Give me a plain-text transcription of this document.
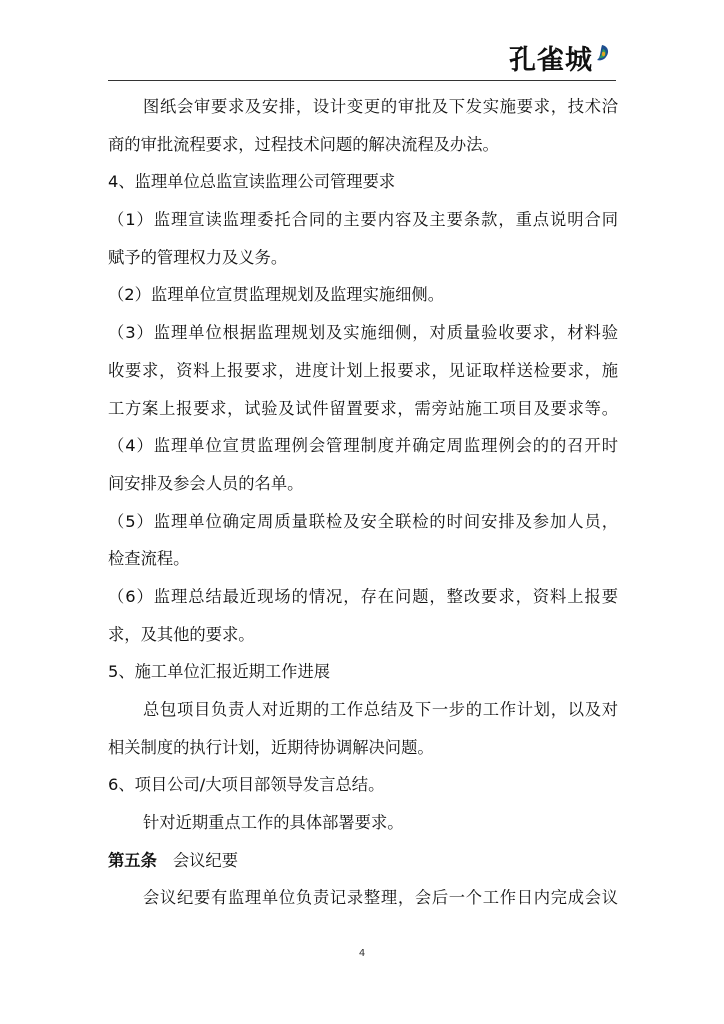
孔雀城
图纸会审要求及安排，设计变更的审批及下发实施要求，技术洽
商的审批流程要求，过程技术问题的解决流程及办法。
4、监理单位总监宣读监理公司管理要求
（1）监理宣读监理委托合同的主要内容及主要条款，重点说明合同
赋予的管理权力及义务。
（2）监理单位宣贯监理规划及监理实施细侧。
（3）监理单位根据监理规划及实施细侧，对质量验收要求，材料验
收要求，资料上报要求，进度计划上报要求，见证取样送检要求，施
工方案上报要求，试验及试件留置要求，需旁站施工项目及要求等。
（4）监理单位宣贯监理例会管理制度并确定周监理例会的的召开时
间安排及参会人员的名单。
（5）监理单位确定周质量联检及安全联检的时间安排及参加人员，
检查流程。
（6）监理总结最近现场的情况，存在问题，整改要求，资料上报要
求，及其他的要求。
5、施工单位汇报近期工作进展
总包项目负责人对近期的工作总结及下一步的工作计划，以及对
相关制度的执行计划，近期待协调解决问题。
6、项目公司/大项目部领导发言总结。
针对近期重点工作的具体部署要求。
第五条 会议纪要
会议纪要有监理单位负责记录整理，会后一个工作日内完成会议
4
